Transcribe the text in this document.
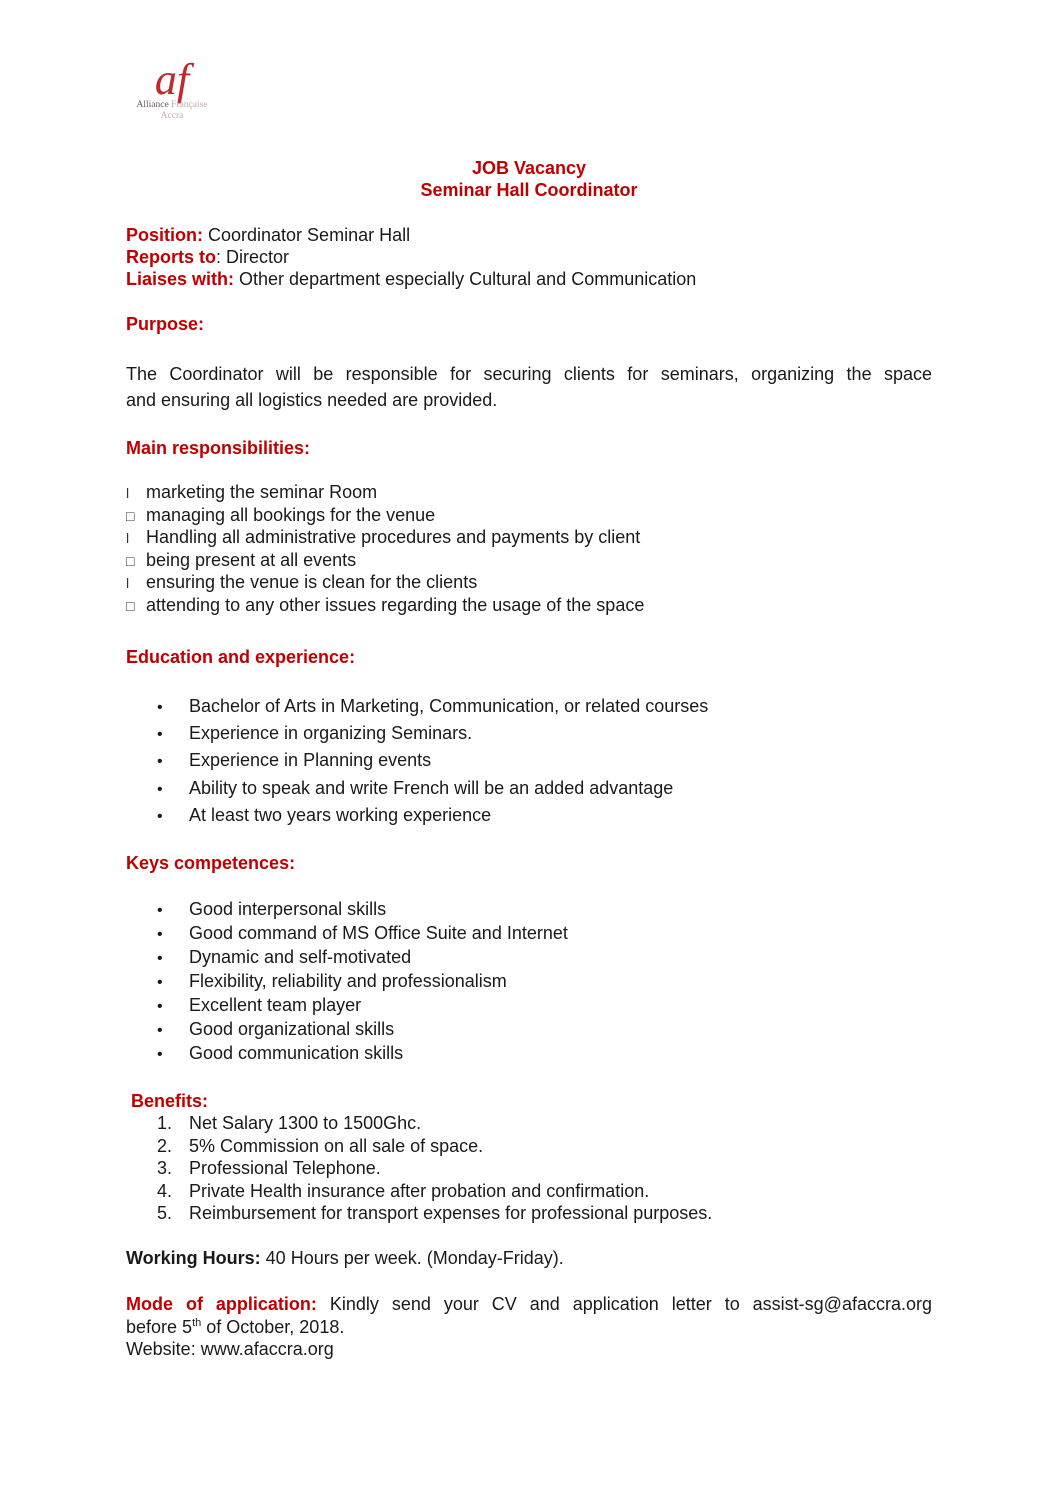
af
Alliance Française
Accra
JOB Vacancy
Seminar Hall Coordinator
Position: Coordinator Seminar Hall
Reports to: Director
Liaises with: Other department especially Cultural and Communication
Purpose:
The Coordinator will be responsible for securing clients for seminars, organizing the space
and ensuring all logistics needed are provided.
Main responsibilities:
l marketing the seminar Room
□ managing all bookings for the venue
l Handling all administrative procedures and payments by client
□ being present at all events
l ensuring the venue is clean for the clients
□ attending to any other issues regarding the usage of the space
Education and experience:
• Bachelor of Arts in Marketing, Communication, or related courses
• Experience in organizing Seminars.
• Experience in Planning events
• Ability to speak and write French will be an added advantage
• At least two years working experience
Keys competences:
• Good interpersonal skills
• Good command of MS Office Suite and Internet
• Dynamic and self-motivated
• Flexibility, reliability and professionalism
• Excellent team player
• Good organizational skills
• Good communication skills
Benefits:
1. Net Salary 1300 to 1500Ghc.
2. 5% Commission on all sale of space.
3. Professional Telephone.
4. Private Health insurance after probation and confirmation.
5. Reimbursement for transport expenses for professional purposes.
Working Hours: 40 Hours per week. (Monday-Friday).
Mode of application: Kindly send your CV and application letter to assist-sg@afaccra.org
before 5th of October, 2018.
Website: www.afaccra.org
